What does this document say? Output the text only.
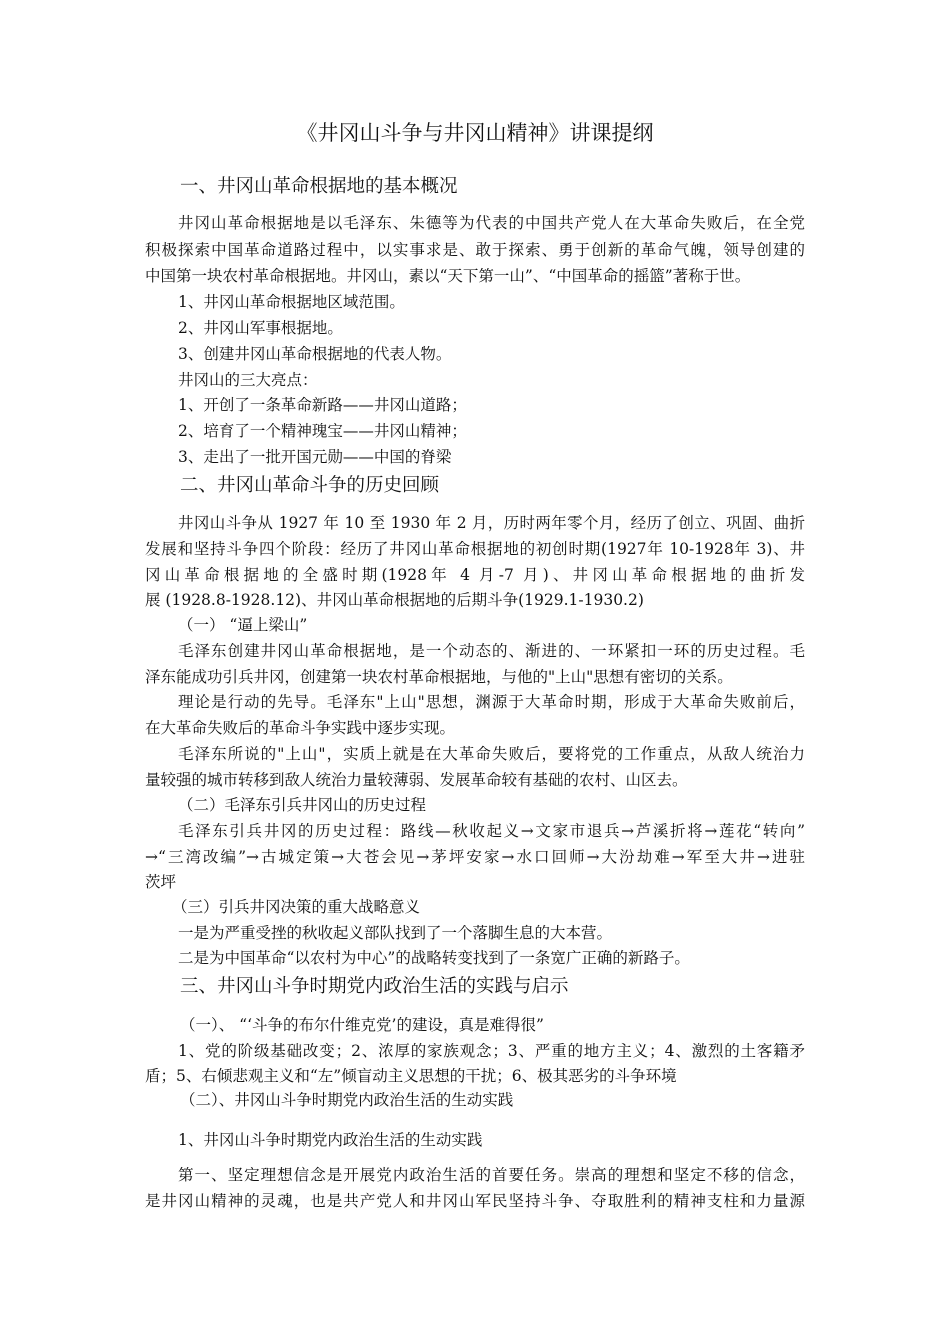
《井冈山斗争与井冈山精神》讲课提纲
一、井冈山革命根据地的基本概况
井冈山革命根据地是以毛泽东、朱德等为代表的中国共产党人在大革命失败后，在全党
积极探索中国革命道路过程中，以实事求是、敢于探索、勇于创新的革命气魄，领导创建的
中国第一块农村革命根据地。井冈山，素以“天下第一山”、“中国革命的摇篮”著称于世。
1、井冈山革命根据地区域范围。
2、井冈山军事根据地。
3、创建井冈山革命根据地的代表人物。
井冈山的三大亮点：
1、开创了一条革命新路——井冈山道路；
2、培育了一个精神瑰宝——井冈山精神；
3、走出了一批开国元勋——中国的脊梁
二、井冈山革命斗争的历史回顾
井冈山斗争从 1927 年 10 至 1930 年 2 月，历时两年零个月，经历了创立、巩固、曲折
发展和坚持斗争四个阶段：经历了井冈山革命根据地的初创时期(1927年 10-1928年 3)、井
冈山革命根据地的全盛时期(1928年 4 月-7 月)、井冈山革命根据地的曲折发
展 (1928.8-1928.12)、井冈山革命根据地的后期斗争(1929.1-1930.2)
（一） “逼上梁山”
毛泽东创建井冈山革命根据地，是一个动态的、渐进的、一环紧扣一环的历史过程。毛
泽东能成功引兵井冈，创建第一块农村革命根据地，与他的"上山"思想有密切的关系。
理论是行动的先导。毛泽东"上山"思想，渊源于大革命时期，形成于大革命失败前后，
在大革命失败后的革命斗争实践中逐步实现。
毛泽东所说的"上山"，实质上就是在大革命失败后，要将党的工作重点，从敌人统治力
量较强的城市转移到敌人统治力量较薄弱、发展革命较有基础的农村、山区去。
（二）毛泽东引兵井冈山的历史过程
毛泽东引兵井冈的历史过程：路线—秋收起义→文家市退兵→芦溪折将→莲花“转向”
→“三湾改编”→古城定策→大苍会见→茅坪安家→水口回师→大汾劫难→军至大井→进驻
茨坪
（三）引兵井冈决策的重大战略意义
一是为严重受挫的秋收起义部队找到了一个落脚生息的大本营。
二是为中国革命“以农村为中心”的战略转变找到了一条宽广正确的新路子。
三、井冈山斗争时期党内政治生活的实践与启示
（一）、 “‘斗争的布尔什维克党’的建设，真是难得很”
1、党的阶级基础改变；2、浓厚的家族观念；3、严重的地方主义；4、激烈的土客籍矛
盾；5、右倾悲观主义和“左”倾盲动主义思想的干扰；6、极其恶劣的斗争环境
（二）、井冈山斗争时期党内政治生活的生动实践
1、井冈山斗争时期党内政治生活的生动实践
第一、坚定理想信念是开展党内政治生活的首要任务。崇高的理想和坚定不移的信念，
是井冈山精神的灵魂，也是共产党人和井冈山军民坚持斗争、夺取胜利的精神支柱和力量源
